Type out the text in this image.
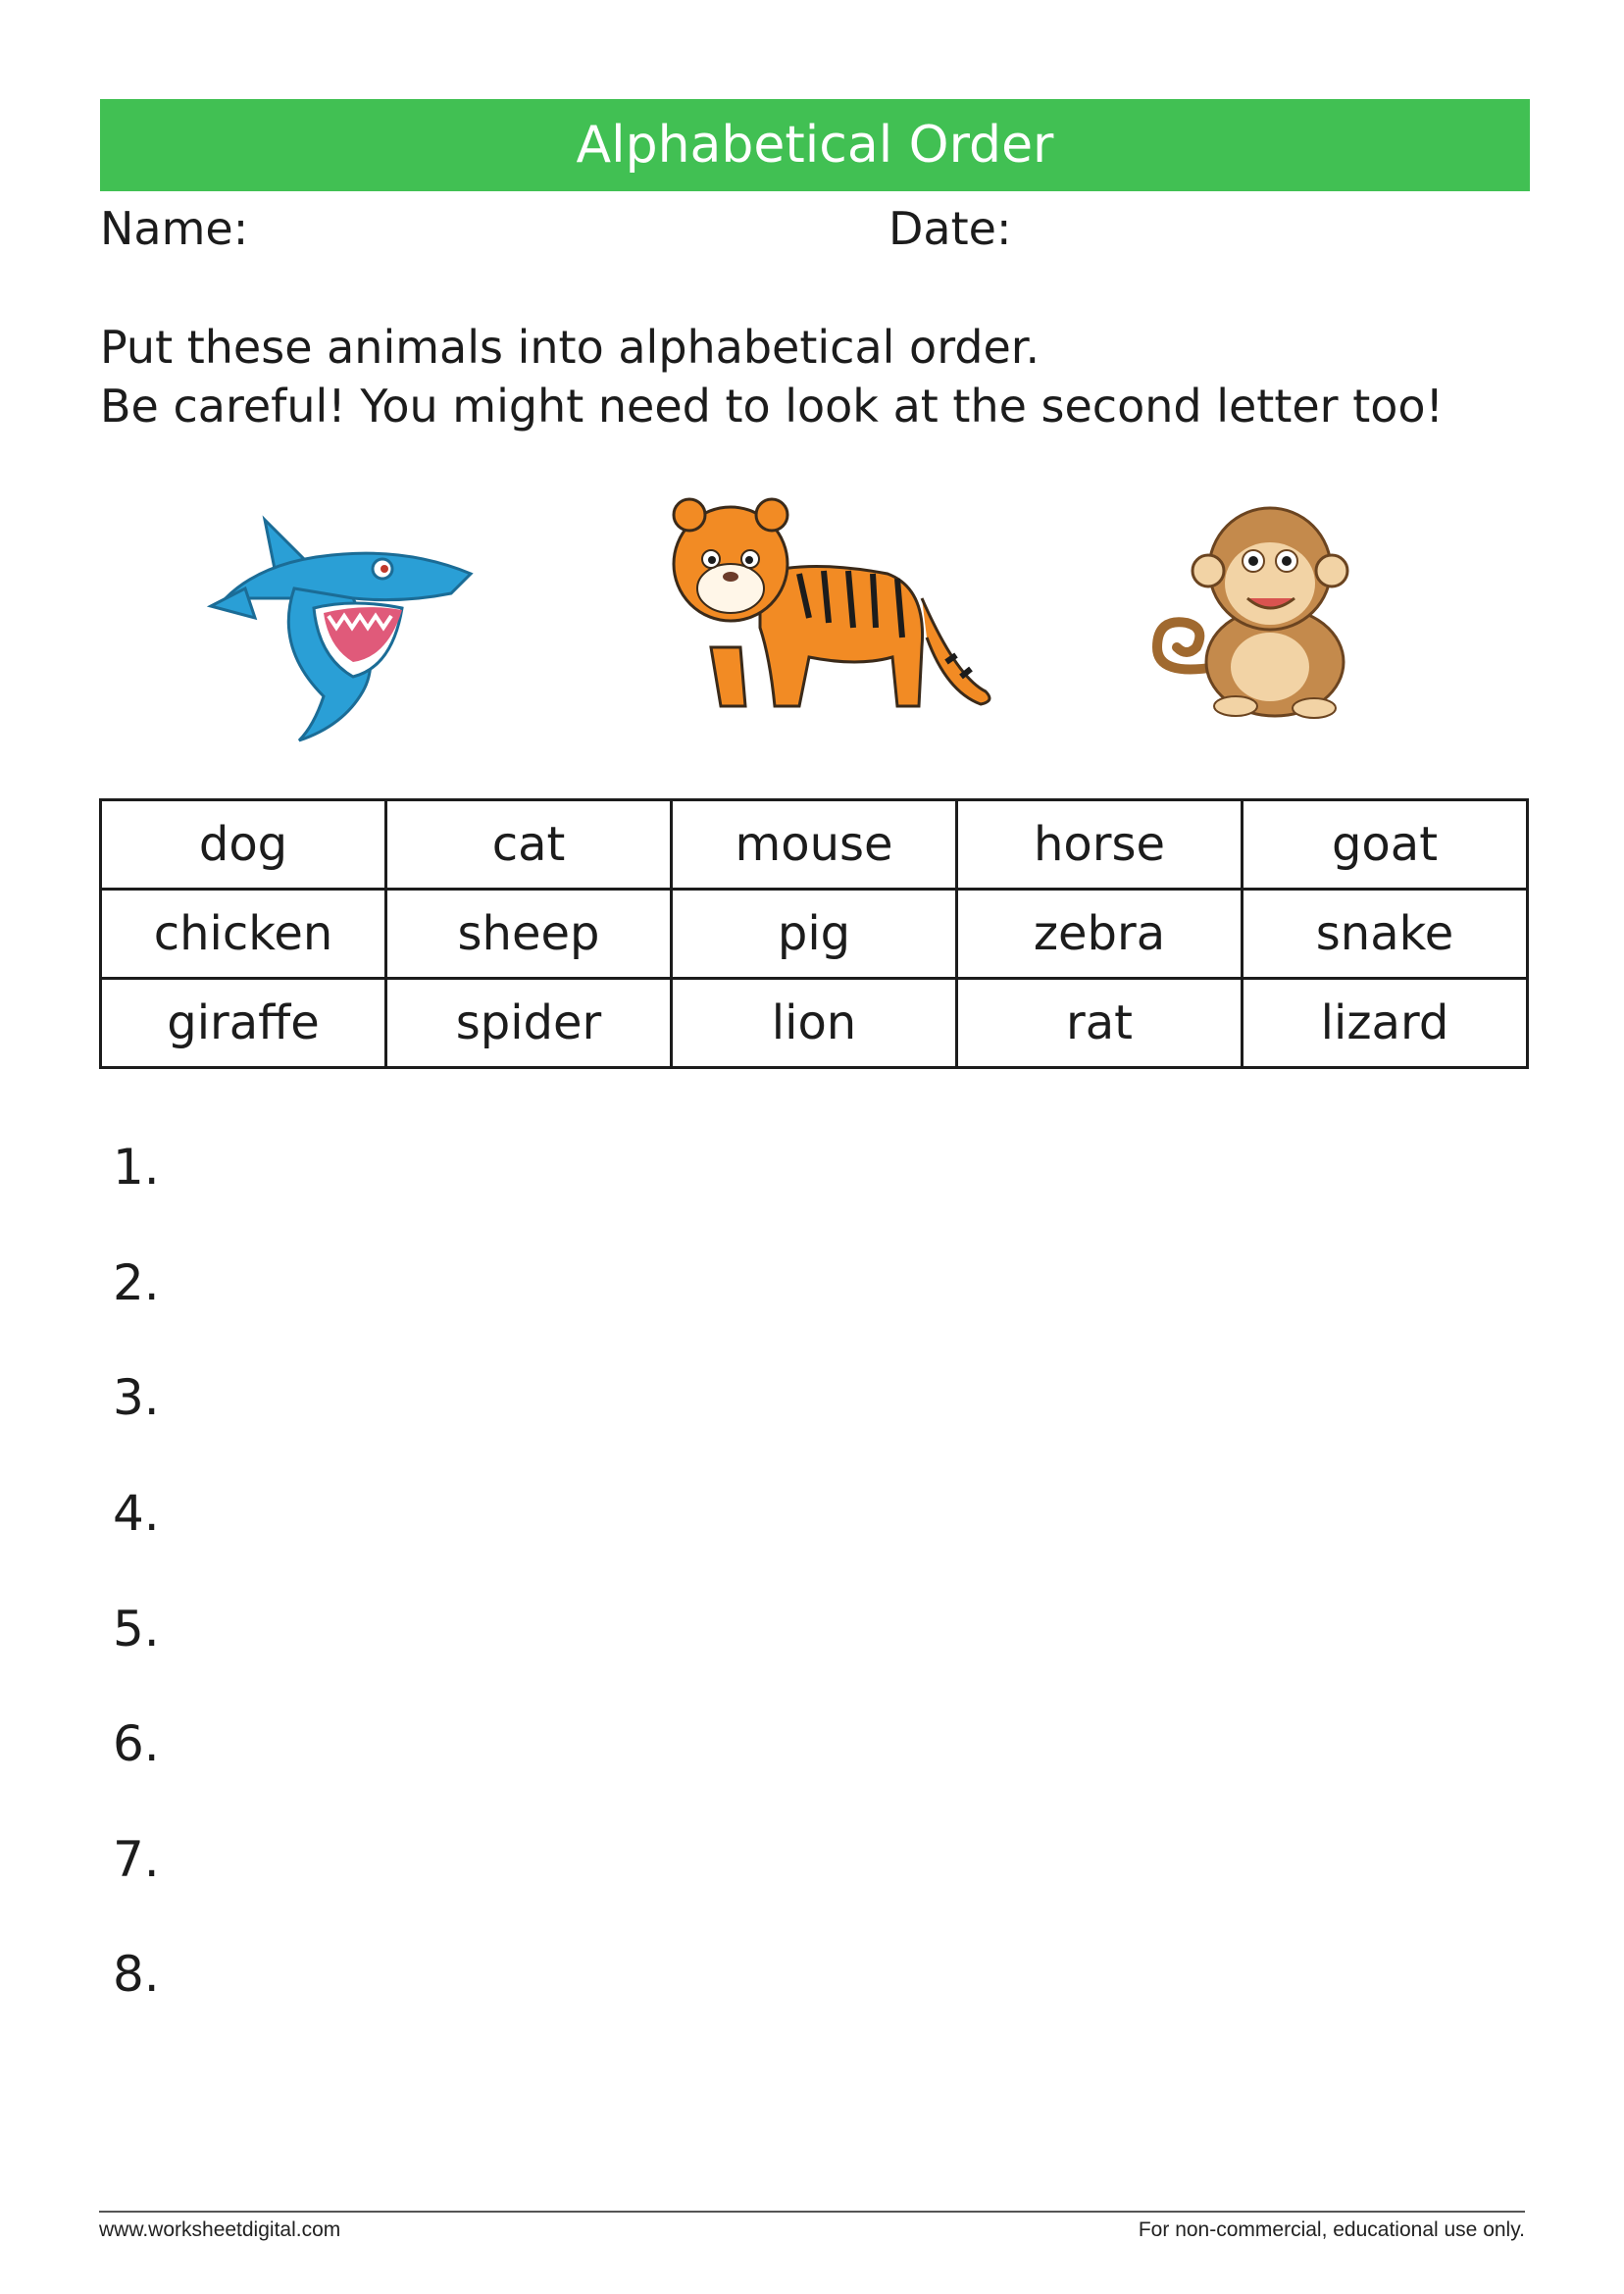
Alphabetical Order
Name:	Date:
Put these animals into alphabetical order.
Be careful! You might need to look at the second letter too!
dog	cat	mouse	horse	goat
chicken	sheep	pig	zebra	snake
giraffe	spider	lion	rat	lizard
1.
2.
3.
4.
5.
6.
7.
8.
www.worksheetdigital.com	For non-commercial, educational use only.
